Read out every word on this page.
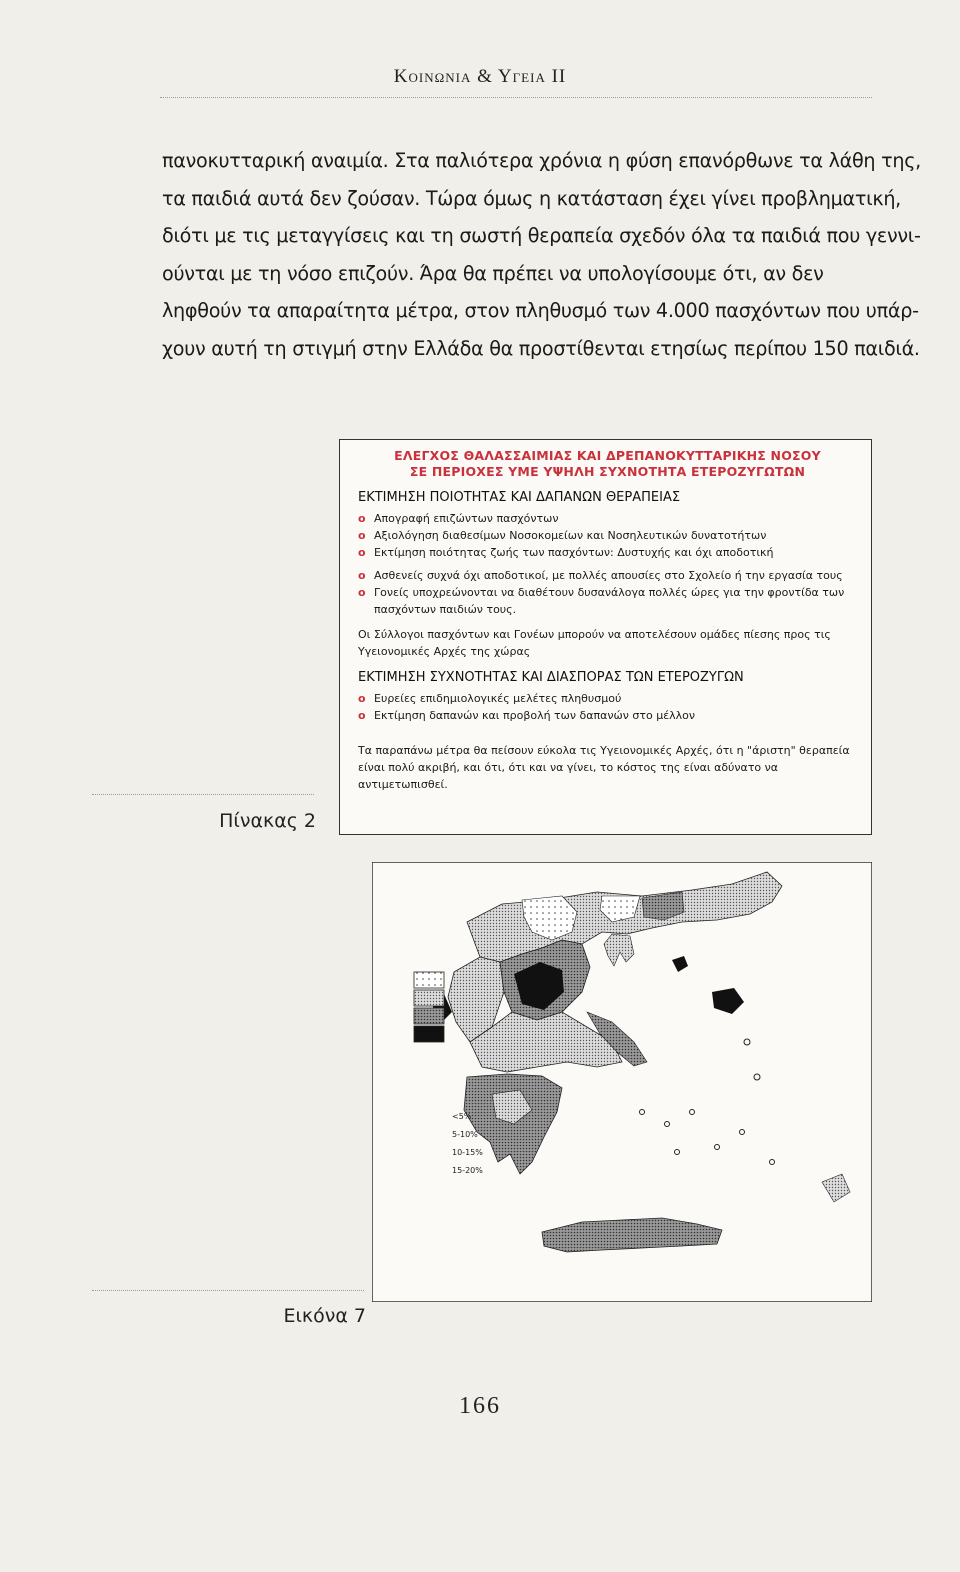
Κοινωνια & Υγεια ΙΙ

πανοκυτταρική αναιμία. Στα παλιότερα χρόνια η φύση επανόρθωνε τα λάθη της,

τα παιδιά αυτά δεν ζούσαν. Τώρα όμως η κατάσταση έχει γίνει προβληματική,

διότι με τις μεταγγίσεις και τη σωστή θεραπεία σχεδόν όλα τα παιδιά που γεννι-

ούνται με τη νόσο επιζούν. Άρα θα πρέπει να υπολογίσουμε ότι, αν δεν

ληφθούν τα απαραίτητα μέτρα, στον πληθυσμό των 4.000 πασχόντων που υπάρ-

χουν αυτή τη στιγμή στην Ελλάδα θα προστίθενται ετησίως περίπου 150 παιδιά.

ΕΛΕΓΧΟΣ ΘΑΛΑΣΣΑΙΜΙΑΣ ΚΑΙ ΔΡΕΠΑΝΟΚΥΤΤΑΡΙΚΗΣ ΝΟΣΟΥ
ΣΕ ΠΕΡΙΟΧΕΣ ΥΜΕ ΥΨΗΛΗ ΣΥΧΝΟΤΗΤΑ ΕΤΕΡΟΖΥΓΩΤΩΝ
ΕΚΤΙΜΗΣΗ ΠΟΙΟΤΗΤΑΣ ΚΑΙ ΔΑΠΑΝΩΝ ΘΕΡΑΠΕΙΑΣ
o Απογραφή επιζώντων πασχόντων
o Αξιολόγηση διαθεσίμων Νοσοκομείων και Νοσηλευτικών δυνατοτήτων
o Εκτίμηση ποιότητας ζωής των πασχόντων: Δυστυχής και όχι αποδοτική
o Ασθενείς συχνά όχι αποδοτικοί, με πολλές απουσίες στο Σχολείο ή την εργασία τους
o Γονείς υποχρεώνονται να διαθέτουν δυσανάλογα πολλές ώρες για την φροντίδα των πασχόντων παιδιών τους.
Οι Σύλλογοι πασχόντων και Γονέων μπορούν να αποτελέσουν ομάδες πίεσης προς τις Υγειονομικές Αρχές της χώρας
ΕΚΤΙΜΗΣΗ ΣΥΧΝΟΤΗΤΑΣ ΚΑΙ ΔΙΑΣΠΟΡΑΣ ΤΩΝ ΕΤΕΡΟΖΥΓΩΝ
o Ευρείες επιδημιολογικές μελέτες πληθυσμού
o Εκτίμηση δαπανών και προβολή των δαπανών στο μέλλον
Τα παραπάνω μέτρα θα πείσουν εύκολα τις Υγειονομικές Αρχές, ότι η "άριστη" θεραπεία είναι πολύ ακριβή, και ότι, ότι και να γίνει, το κόστος της είναι αδύνατο να αντιμετωπισθεί.
Πίνακας 2
<5%
5-10%
10-15%
15-20%
Εικόνα 7
166
